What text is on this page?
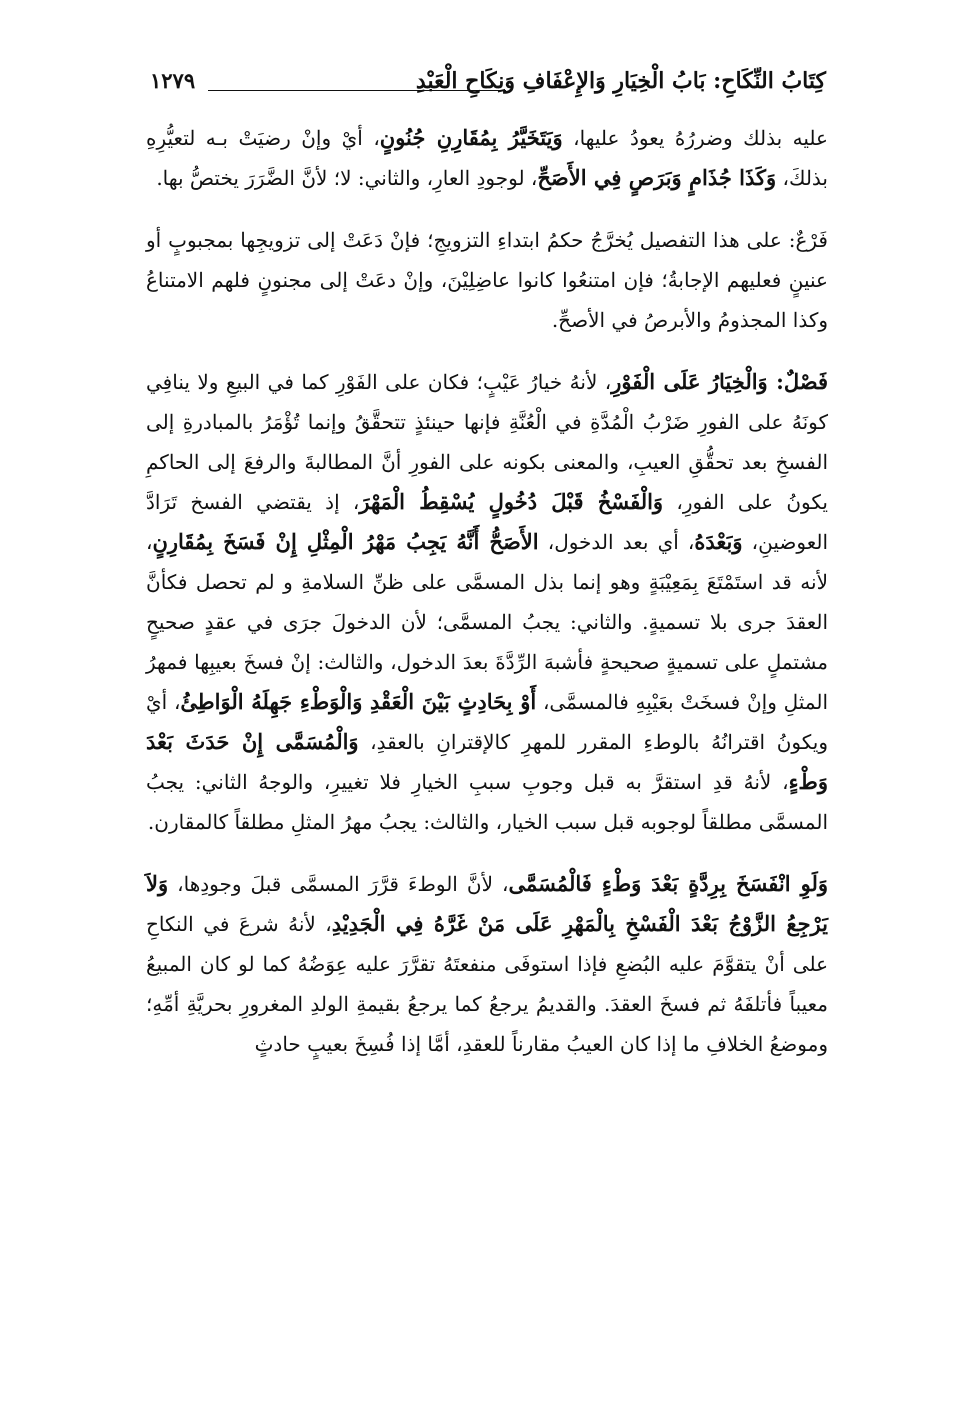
كِتَابُ النِّكَاحِ: بَابُ الْخِيَارِ وَالإِعْفَافِ وَنِكَاحِ الْعَبْدِ
١٢٧٩

عليه بذلك وضررُهُ يعودُ عليها، وَيَتَخَيَّرُ بِمُقَارِنِ جُنُونٍ، أيْ وإنْ رضيَتْ بـه لتعيُّرِهِ بذلكَ، وَكَذَا جُذَامٍ وَبَرَصٍ فِي الأَصَحِّ، لوجودِ العارِ، والثاني: لا؛ لأنَّ الضَّرَرَ يختصُّ بها.

فَرْعٌ: على هذا التفصيل يُخرَّجُ حكمُ ابتداءِ التزويجِ؛ فإنْ دَعَتْ إلى تزويجِها بمجبوبٍ أو عنينٍ فعليهم الإجابةُ؛ فإن امتنعُوا كانوا عاضِلِيْنَ، وإنْ دعَتْ إلى مجنونٍ فلهم الامتناعُ وكذا المجذومُ والأبرصُ في الأصحِّ.

فَصْلٌ: وَالْخِيَارُ عَلَى الْفَوْرِ، لأنهُ خيارُ عَيْبٍ؛ فكان على الفَوْرِ كما في البيعِ ولا ينافِي كونَهُ على الفورِ ضَرْبُ الْمُدَّةِ في الْعُنَّةِ فإنها حينئذٍ تتحقَّقُ وإنما تُؤْمَرُ بالمبادرةِ إلى الفسخِ بعد تحقُّقِ العيبِ، والمعنى بكونه على الفورِ أنَّ المطالبةَ والرفعَ إلى الحاكمِ يكونُ على الفورِ، وَالْفَسْخُ قَبْلَ دُخُولٍ يُسْقِطُ الْمَهْرَ، إذ يقتضي الفسخ تَرَادَّ العوضينِ، وَبَعْدَهُ، أي بعد الدخول، الأَصَحُّ أَنَّهُ يَجِبُ مَهْرُ الْمِثْلِ إِنْ فَسَخَ بِمُقَارِنٍ، لأنه قد استَمْتَعَ بِمَعِيْبَةٍ وهو إنما بذل المسمَّى على ظنِّ السلامةِ و لم تحصل فكأنَّ العقدَ جرى بلا تسميةٍ. والثاني: يجبُ المسمَّى؛ لأن الدخولَ جرَى في عقدٍ صحيحٍ مشتملٍ على تسميةٍ صحيحةٍ فأشبهَ الرِّدَّةَ بعدَ الدخول، والثالث: إنْ فسخَ بعيبِها فمهرُ المثلِ وإنْ فسخَتْ بعَيْبِهِ فالمسمَّى، أَوْ بِحَادِثٍ بَيْنَ الْعَقْدِ وَالْوَطْءِ جَهِلَهُ الْوَاطِئُ، أيْ ويكونُ اقترانُهُ بالوطءِ المقرر للمهرِ كالإقترانِ بالعقدِ، وَالْمُسَمَّى إِنْ حَدَثَ بَعْدَ وَطْءٍ، لأنهُ قدِ استقرَّ به قبل وجوبِ سببِ الخيارِ فلا تغييرِ، والوجهُ الثاني: يجبُ المسمَّى مطلقاً لوجوبه قبل سبب الخيار، والثالث: يجبُ مهرُ المثلِ مطلقاً كالمقارن.

وَلَوِ انْفَسَخَ بِرِدَّةٍ بَعْدَ وَطْءٍ فَالْمُسَمَّى، لأنَّ الوطءَ قرَّرَ المسمَّى قبلَ وجودِها، وَلاَ يَرْجِعُ الزَّوْجُ بَعْدَ الْفَسْخِ بِالْمَهْرِ عَلَى مَنْ غَرَّهُ فِي الْجَدِيْدِ، لأنهُ شرعَ في النكاحِ على أنْ يتقوَّمَ عليه البُضعِ فإذا استوفَى منفعتَهُ تقرَّرَ عليه عِوَضُهُ كما لو كان المبيعُ معيباً فأتلفَهُ ثم فسخَ العقدَ. والقديمُ يرجعُ كما يرجعُ بقيمةِ الولدِ المغرورِ بحريَّةِ أمِّهِ؛ وموضعُ الخلافِ ما إذا كان العيبُ مقارناً للعقدِ، أمَّا إذا فُسِخَ بعيبٍ حادثٍ
